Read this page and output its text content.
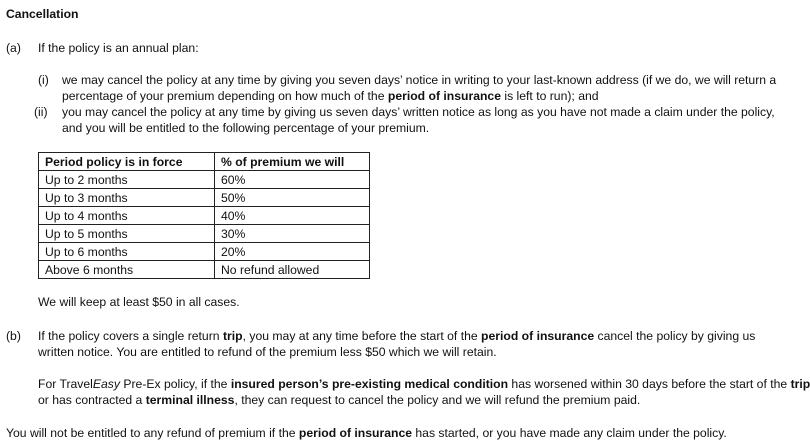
Cancellation
(a) If the policy is an annual plan:
(i) we may cancel the policy at any time by giving you seven days’ notice in writing to your last-known address (if we do, we will return a
percentage of your premium depending on how much of the period of insurance is left to run); and
(ii) you may cancel the policy at any time by giving us seven days’ written notice as long as you have not made a claim under the policy,
and you will be entitled to the following percentage of your premium.
Period policy is in force	% of premium we will
Up to 2 months	60%
Up to 3 months	50%
Up to 4 months	40%
Up to 5 months	30%
Up to 6 months	20%
Above 6 months	No refund allowed
We will keep at least $50 in all cases.
(b) If the policy covers a single return trip, you may at any time before the start of the period of insurance cancel the policy by giving us
written notice. You are entitled to refund of the premium less $50 which we will retain.
For TravelEasy Pre-Ex policy, if the insured person’s pre-existing medical condition has worsened within 30 days before the start of the trip
or has contracted a terminal illness, they can request to cancel the policy and we will refund the premium paid.
You will not be entitled to any refund of premium if the period of insurance has started, or you have made any claim under the policy.
